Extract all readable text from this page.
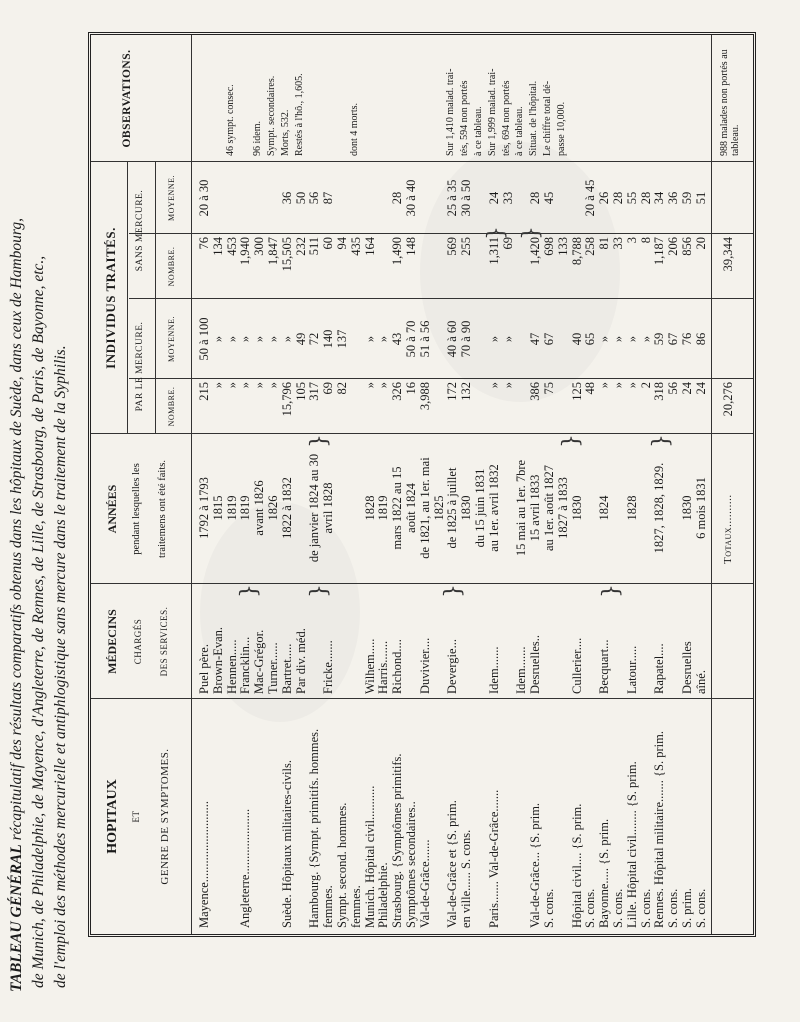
TABLEAU GÉNÉRAL récapitulatif des résultats comparatifs obtenus dans les hôpitaux de Suède, dans ceux de Hambourg, de Munich, de Philadelphie, de Mayence, d'Angleterre, de Rennes, de Lille, de Strasbourg, de Paris, de Bayonne, etc., de l'emploi des méthodes mercurielle et antiphlogistique sans mercure dans le traitement de la Syphilis.	HOPITAUX ET GENRE DE SYMPTOMES.
MÉDECINS CHARGÉS DES SERVICES.
ANNÉES pendant lesquelles les traitemens ont été faits.
INDIVIDUS TRAITÉS. PAR LE MERCURE.
SANS MERCURE.
NOMBRE.
MOYENNE.
NOMBRE.
MOYENNE.
OBSERVATIONS.
} }
}
}
}
}
}
} }
Mayence..........................
Puel père.
1792 à 1793
215
50 à 100
76
20 à 30
Brown-Evan.
1815
»
»
134
Hennen.....
1819
»
»
453
46 sympt. consec.
Angleterre.....................
Francklin...
1819
»
»
1,940
Mac-Grégor.
avant 1826
»
»
300
96 idem.
Turner......
1826
»
»
1,847
Sympt. secondaires.
Suède. Hôpitaux militaires-civils.
Bartret.....
1822 à 1832
15,796
»
15,505
36
Morts, 532.
Par div. méd.
105
49
232
50
Restés à l'hô., 1,605.
Hambourg. {Sympt. primitifs. hommes.
de janvier 1824 au 30
317
72
511
56
femmes.
Fricke.......
avril 1828
69
140
60
87
Sympt. second. hommes.
82
137
94
femmes.
435
dont 4 morts.
Munich. Hôpital civil...........
Wilhem.....
1828
»
»
164
Philadelphie.
Harris.......
1819
»
»
Strasbourg. {Symptômes primitifs.
Richond....
mars 1822 au 15
326
43
1,490
28
Symptômes secondaires..
août 1824
16
50 à 70
148
30 à 40
Val-de-Grâce.......
Duvivier....
de 1821, au 1er. mai
3,988
51 à 56
1825
Val-de-Grâce et {S. prim.
Devergie...
de 1825 à juillet
172
40 à 60
569
25 à 35
Sur 1,410 malad. trai-
en ville...... S. cons.
1830
132
70 à 90
255
30 à 50
tés, 594 non portés
du 15 juin 1831
à ce tableau.
Paris....... Val-de-Grâce.......
Idem.......
au 1er. avril 1832
»
»
1,311
24
Sur 1,999 malad. trai-
»
»
69
33
tés, 694 non portés
Idem.......
15 mai au 1er. 7bre
à ce tableau.
Val-de-Grâce... {S. prim.
Desruelles..
15 avril 1833
386
47
1,420
28
Situat. de l'hôpital.
S. cons.
au 1er. août 1827
75
67
698
45
Le chiffre total dé-
1827 à 1833
133
passe 10,000.
Hôpital civil.... {S. prim.
Cullerier....
1830
125
40
8,788
S. cons.
48
65
258
20 à 45
Bayonne..... {S. prim.
Becquart...
1824
»
»
81
26
S. cons.
»
»
33
28
Lille. Hôpital civil........ {S. prim.
Latour.....
1828
»
»
3
55
S. cons.
2
»
8
28
Rennes. Hôpital militaire....... {S. prim.
Rapatel....
1827, 1828, 1829.
318
59
1,187
34
S. cons.
56
67
206
36
S. prim.
Desruelles
1830
24
76
856
59
S. cons.
aîné.
6 mois 1831
24
86
20
51
Totaux..........
20,276
39,344
988 malades non portés au tableau.
